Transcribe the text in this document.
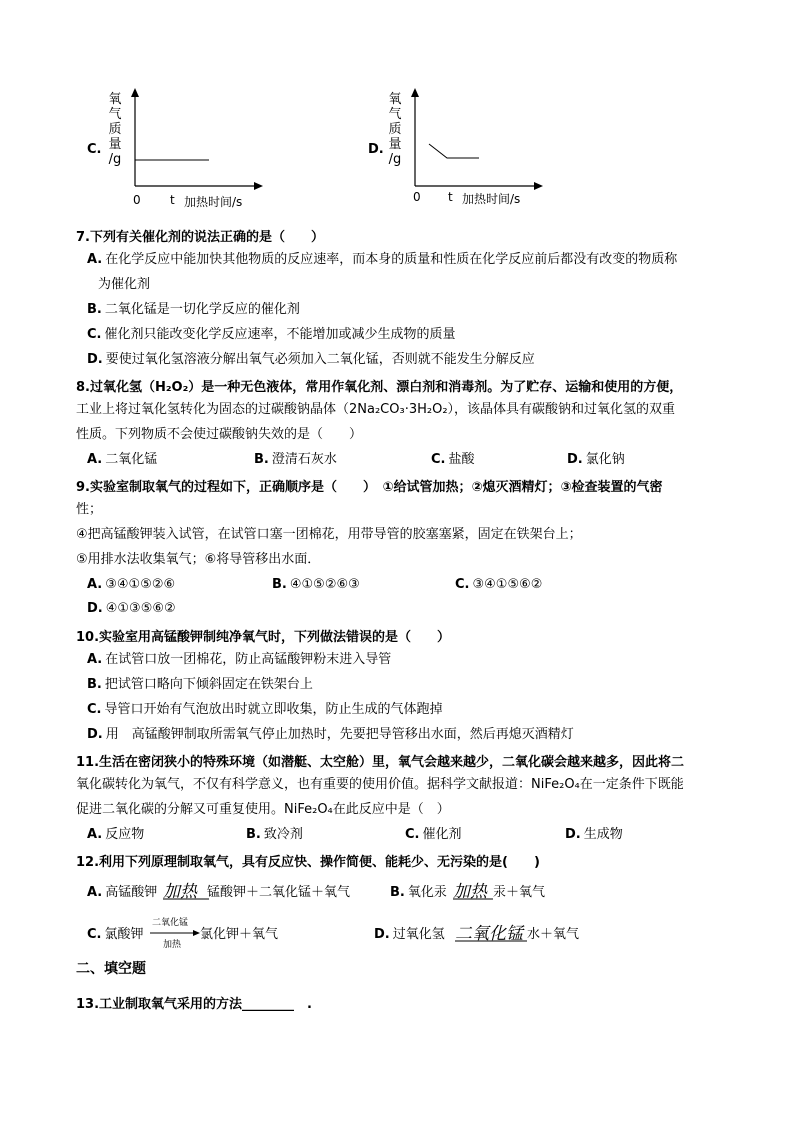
C.
氧
气
质
量
/g
0 t 加热时间/s
D.
氧
气
质
量
/g
0 t 加热时间/s
7.下列有关催化剂的说法正确的是（　　）
A. 在化学反应中能加快其他物质的反应速率，而本身的质量和性质在化学反应前后都没有改变的物质称
为催化剂
B. 二氧化锰是一切化学反应的催化剂
C. 催化剂只能改变化学反应速率，不能增加或减少生成物的质量
D. 要使过氧化氢溶液分解出氧气必须加入二氧化锰，否则就不能发生分解反应
8.过氧化氢（H₂O₂）是一种无色液体，常用作氧化剂、漂白剂和消毒剂。为了贮存、运输和使用的方便，
工业上将过氧化氢转化为固态的过碳酸钠晶体（2Na₂CO₃·3H₂O₂），该晶体具有碳酸钠和过氧化氢的双重
性质。下列物质不会使过碳酸钠失效的是（　　）
A. 二氧化锰	B. 澄清石灰水	C. 盐酸	D. 氯化钠
9.实验室制取氧气的过程如下，正确顺序是（　　）　①给试管加热；②熄灭酒精灯；③检查装置的气密
性；
④把高锰酸钾装入试管，在试管口塞一团棉花，用带导管的胶塞塞紧，固定在铁架台上；
⑤用排水法收集氧气；⑥将导管移出水面．
A. ③④①⑤②⑥	B. ④①⑤②⑥③	C. ③④①⑤⑥②
D. ④①③⑤⑥②
10.实验室用高锰酸钾制纯净氧气时，下列做法错误的是（　　）
A. 在试管口放一团棉花，防止高锰酸钾粉末进入导管
B. 把试管口略向下倾斜固定在铁架台上
C. 导管口开始有气泡放出时就立即收集，防止生成的气体跑掉
D. 用　高锰酸钾制取所需氧气停止加热时，先要把导管移出水面，然后再熄灭酒精灯
11.生活在密闭狭小的特殊环境（如潜艇、太空舱）里，氧气会越来越少，二氧化碳会越来越多，因此将二
氧化碳转化为氧气，不仅有科学意义，也有重要的使用价值。据科学文献报道：NiFe₂O₄在一定条件下既能
促进二氧化碳的分解又可重复使用。NiFe₂O₄在此反应中是（　）
A. 反应物	B. 致冷剂	C. 催化剂	D. 生成物
12.利用下列原理制取氧气，具有反应快、操作简便、能耗少、无污染的是(　　)
A. 高锰酸钾 加热 锰酸钾＋二氧化锰＋氧气	B. 氧化汞 加热 汞＋氧气
C. 氯酸钾
二氧化锰
加热
氯化钾＋氧气	D. 过氧化氢 二氧化锰 水＋氧气
二、填空题
13.工业制取氧气采用的方法________　.
